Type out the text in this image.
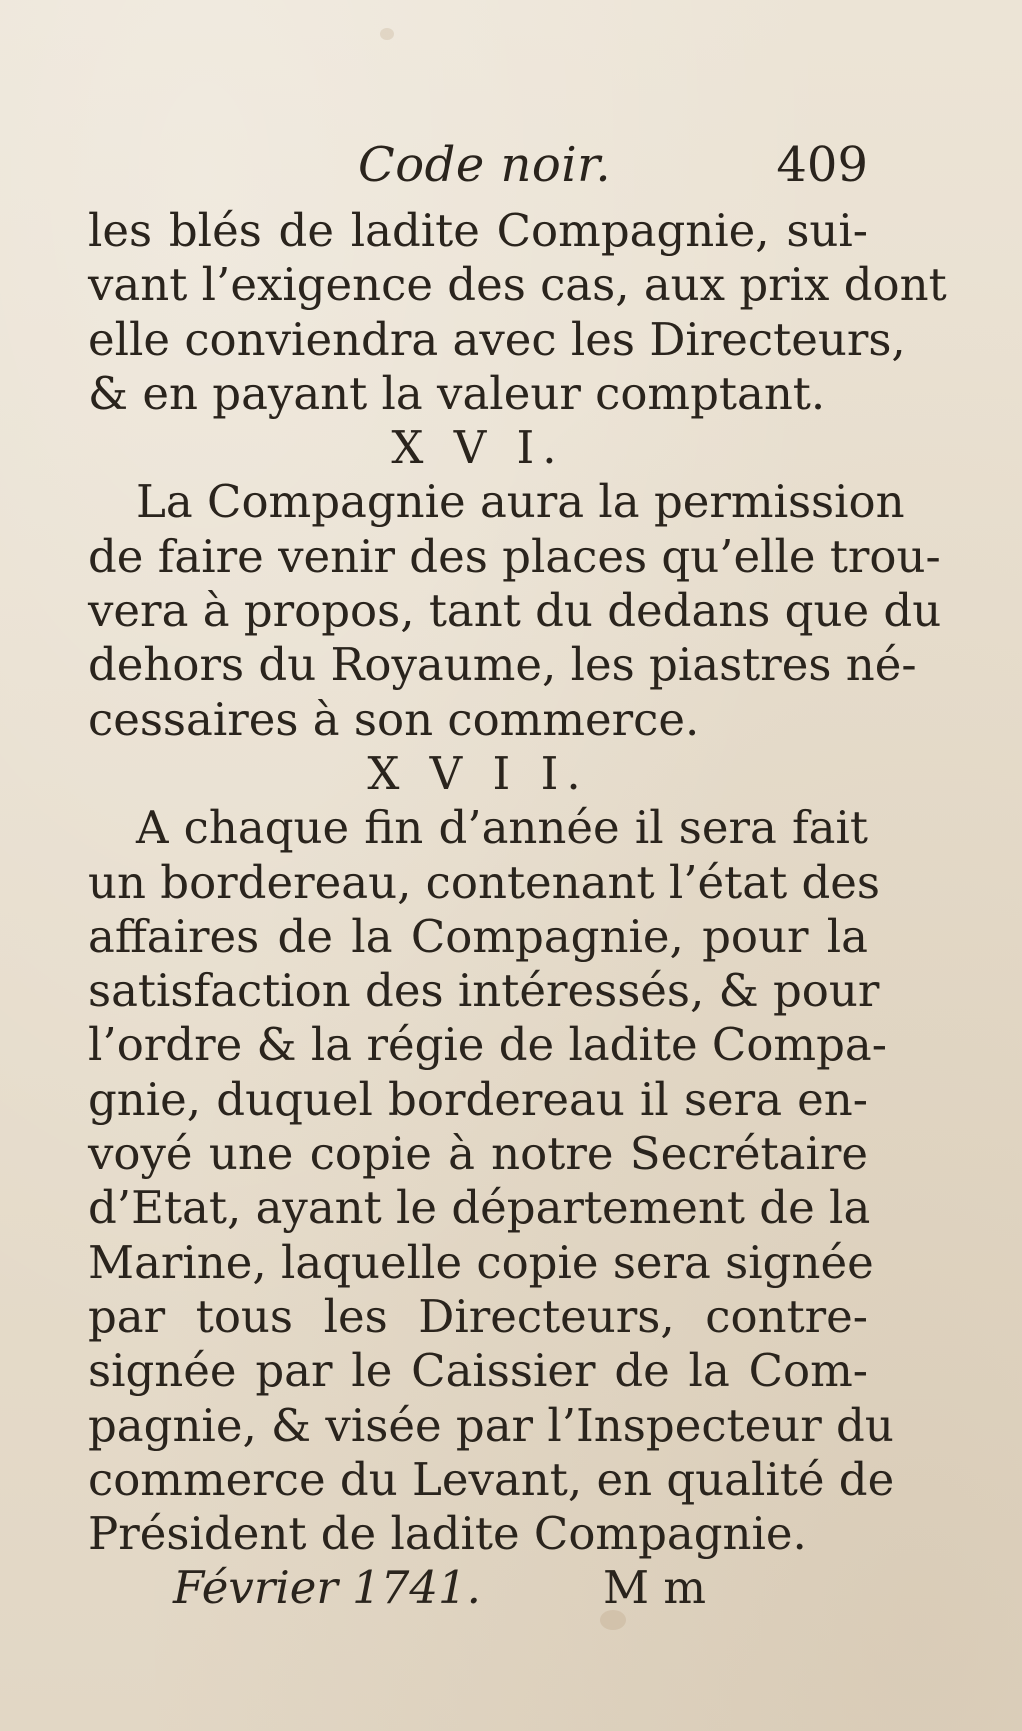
Code noir.	409
les blés de ladite Compagnie, sui-
vant l’exigence des cas, aux prix dont
elle conviendra avec les Directeurs,
& en payant la valeur comptant.
X V I.
La Compagnie aura la permission
de faire venir des places qu’elle trou-
vera à propos, tant du dedans que du
dehors du Royaume, les piastres né-
cessaires à son commerce.
X V I I.
A chaque fin d’année il sera fait
un bordereau, contenant l’état des
affaires de la Compagnie, pour la
satisfaction des intéressés, & pour
l’ordre & la régie de ladite Compa-
gnie, duquel bordereau il sera en-
voyé une copie à notre Secrétaire
d’Etat, ayant le département de la
Marine, laquelle copie sera signée
par tous les Directeurs, contre-
signée par le Caissier de la Com-
pagnie, & visée par l’Inspecteur du
commerce du Levant, en qualité de
Président de ladite Compagnie.
Février 1741.	M m
